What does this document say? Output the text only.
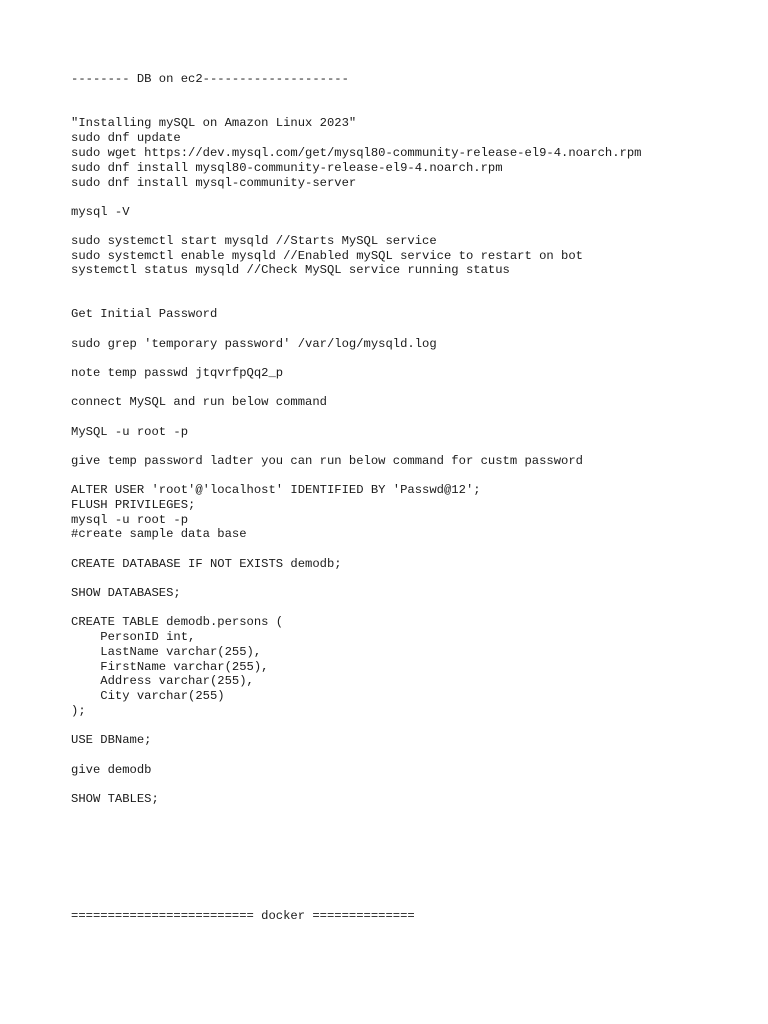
-------- DB on ec2--------------------

"Installing mySQL on Amazon Linux 2023"

sudo dnf update

sudo wget https://dev.mysql.com/get/mysql80-community-release-el9-4.noarch.rpm

sudo dnf install mysql80-community-release-el9-4.noarch.rpm

sudo dnf install mysql-community-server

mysql -V

sudo systemctl start mysqld //Starts MySQL service

sudo systemctl enable mysqld //Enabled mySQL service to restart on bot

systemctl status mysqld //Check MySQL service running status

Get Initial Password

sudo grep 'temporary password' /var/log/mysqld.log

note temp passwd jtqvrfpQq2_p

connect MySQL and run below command

MySQL -u root -p

give temp password ladter you can run below command for custm password

ALTER USER 'root'@'localhost' IDENTIFIED BY 'Passwd@12';

FLUSH PRIVILEGES;

mysql -u root -p

#create sample data base

CREATE DATABASE IF NOT EXISTS demodb;

SHOW DATABASES;

CREATE TABLE demodb.persons (

PersonID int,

LastName varchar(255),

FirstName varchar(255),

Address varchar(255),

City varchar(255)

);

USE DBName;

give demodb

SHOW TABLES;

========================= docker ==============
